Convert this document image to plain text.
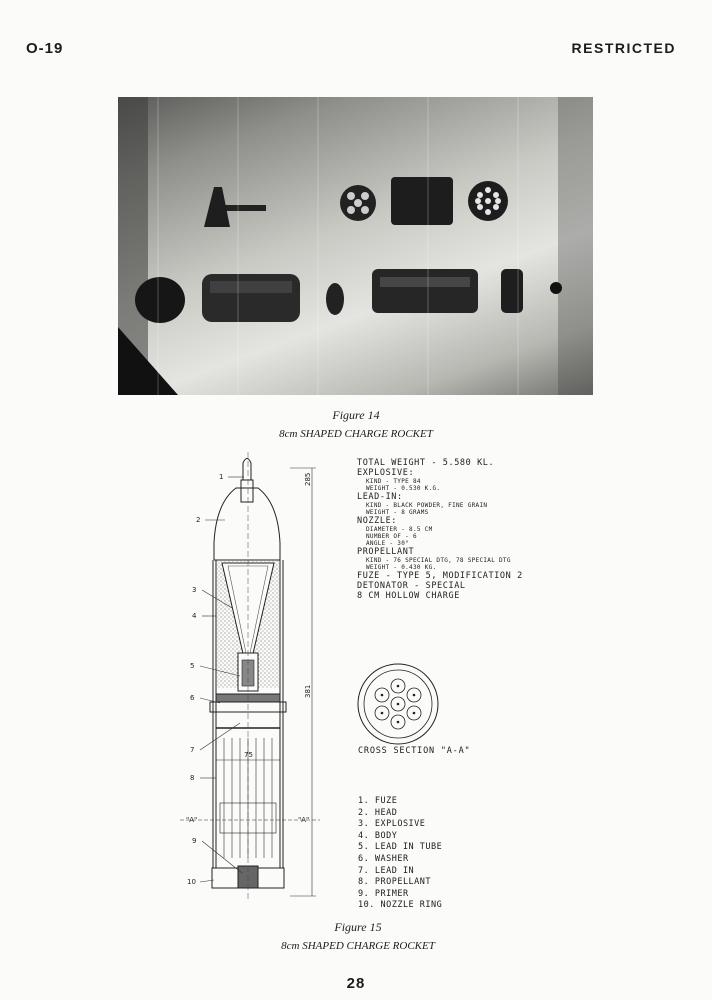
O-19	RESTRICTED
Figure 14
8cm SHAPED CHARGE ROCKET
1
2
3
4
5
6
7
8
9
10
75
"A"	"A"
285
381
TOTAL WEIGHT - 5.580 KL.
EXPLOSIVE:
KIND - TYPE 84
WEIGHT - 0.530 K.G.
LEAD-IN:
KIND - BLACK POWDER, FINE GRAIN
WEIGHT - 8 GRAMS
NOZZLE:
DIAMETER - 8.5 CM
NUMBER OF - 6
ANGLE - 30°
PROPELLANT
KIND - 76 SPECIAL DTG, 78 SPECIAL DTG
WEIGHT - 0.430 KG.
FUZE - TYPE 5, MODIFICATION 2
DETONATOR - SPECIAL
8 CM HOLLOW CHARGE
CROSS SECTION "A-A"
1. FUZE
2. HEAD
3. EXPLOSIVE
4. BODY
5. LEAD IN TUBE
6. WASHER
7. LEAD IN
8. PROPELLANT
9. PRIMER
10. NOZZLE RING
Figure 15
8cm SHAPED CHARGE ROCKET
28
